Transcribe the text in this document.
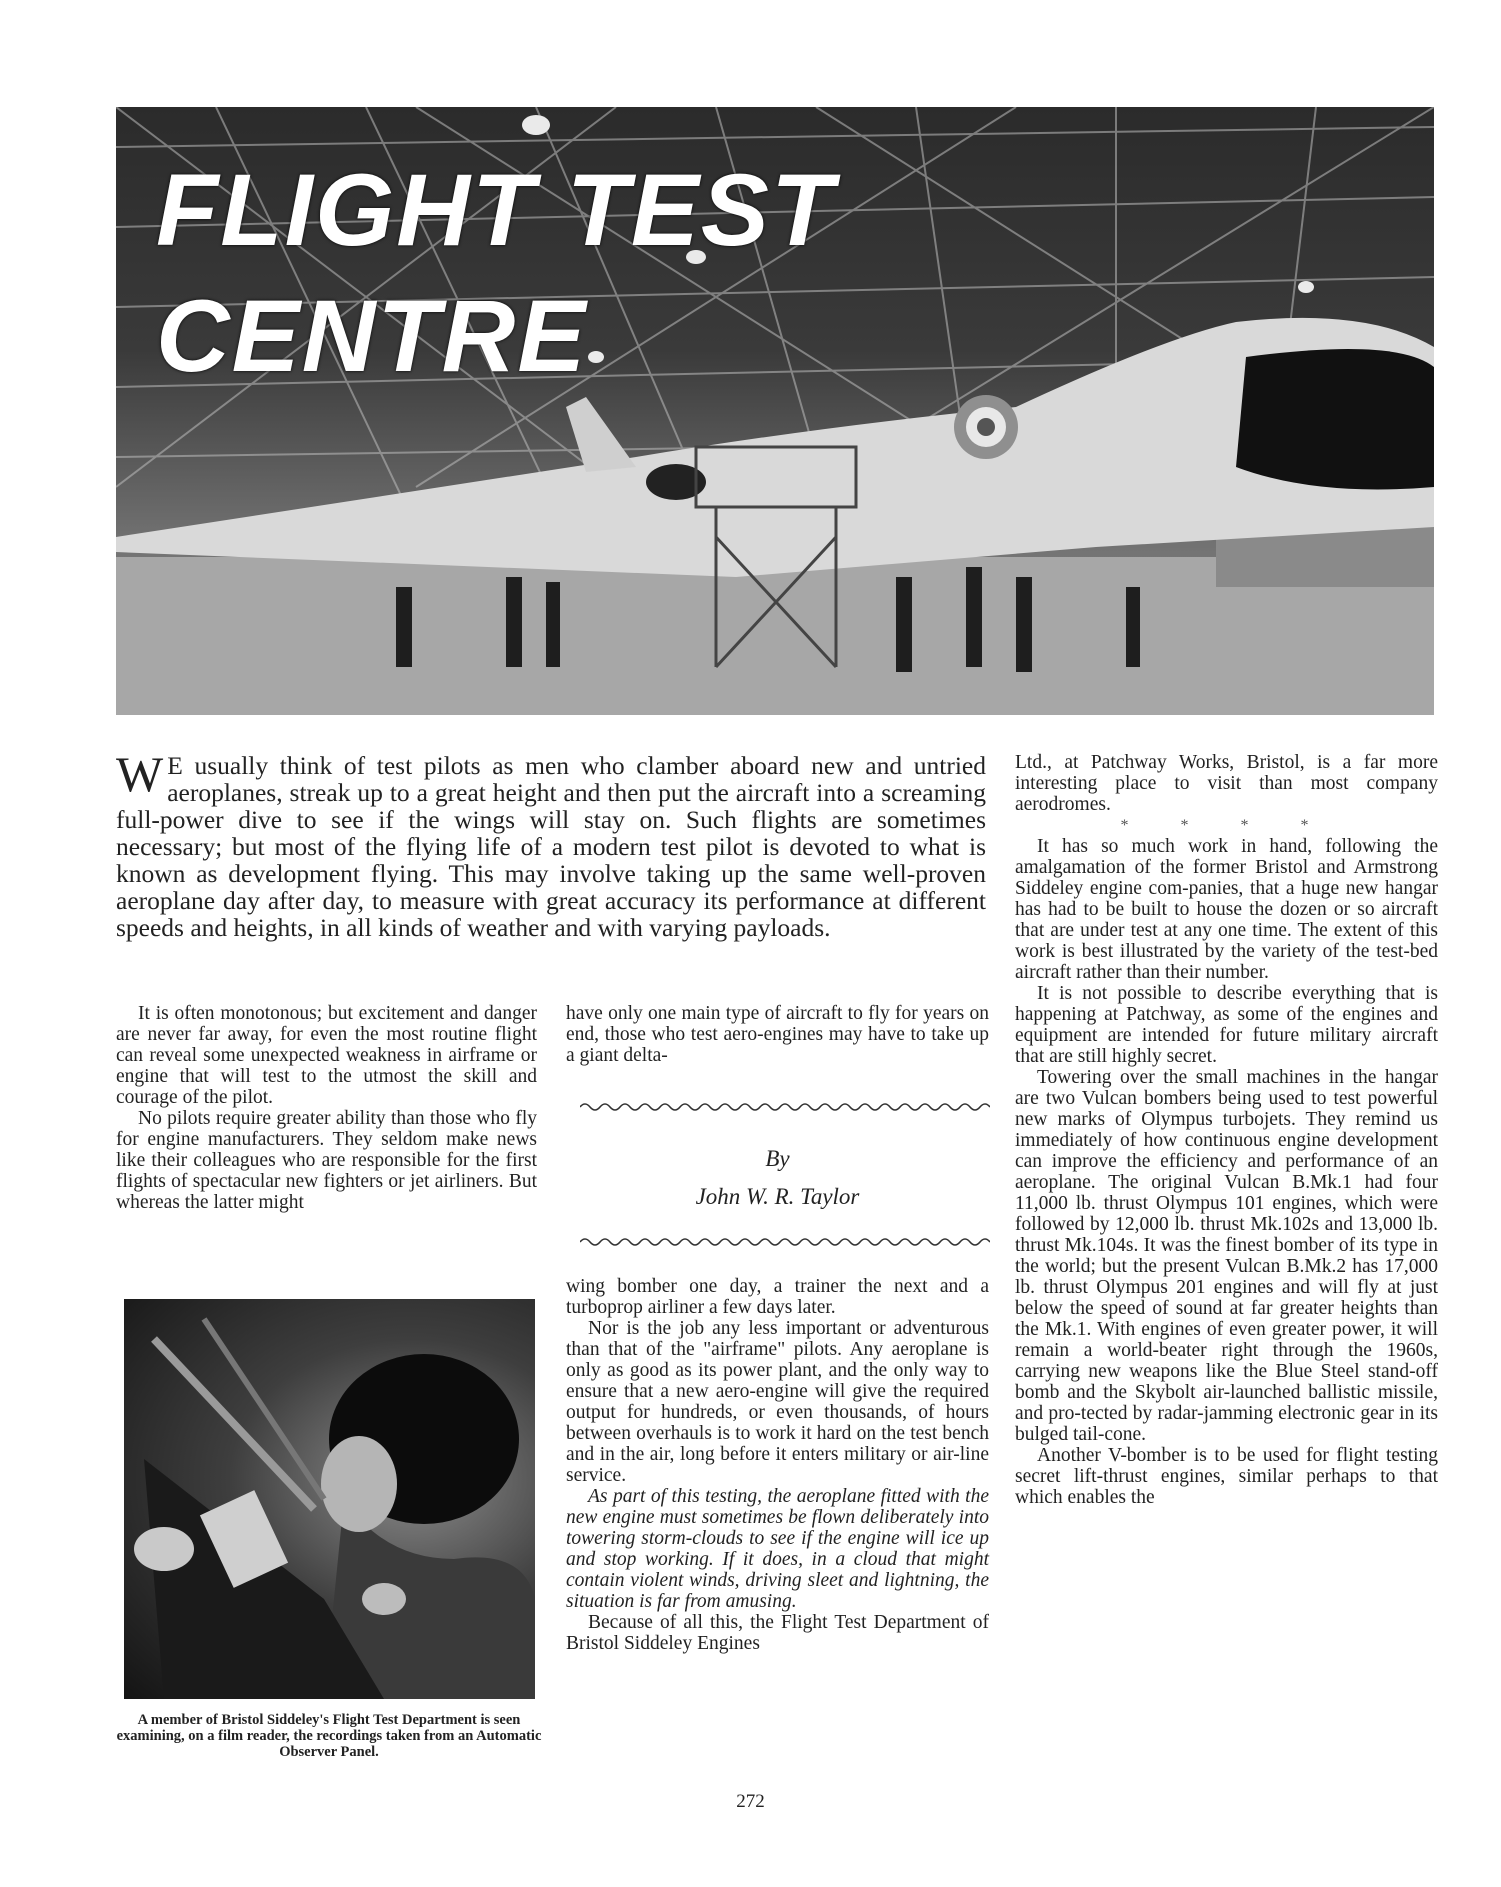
FLIGHT TEST
CENTRE
W E usually think of test pilots as men who clamber aboard new and untried aeroplanes, streak up to a great height and then put the aircraft into a screaming full-power dive to see if the wings will stay on. Such flights are sometimes necessary; but most of the flying life of a modern test pilot is devoted to what is known as development flying. This may involve taking up the same well-proven aeroplane day after day, to measure with great accuracy its performance at different speeds and heights, in all kinds of weather and with varying payloads.

It is often monotonous; but excitement and danger are never far away, for even the most routine flight can reveal some unexpected weakness in airframe or engine that will test to the utmost the skill and courage of the pilot.

No pilots require greater ability than those who fly for engine manufacturers. They seldom make news like their colleagues who are responsible for the first flights of spectacular new fighters or jet airliners. But whereas the latter might

have only one main type of aircraft to fly for years on end, those who test aero-engines may have to take up a giant delta-

By
John W. R. Taylor

wing bomber one day, a trainer the next and a turboprop airliner a few days later.

Nor is the job any less important or adventurous than that of the "airframe" pilots. Any aeroplane is only as good as its power plant, and the only way to ensure that a new aero-engine will give the required output for hundreds, or even thousands, of hours between overhauls is to work it hard on the test bench and in the air, long before it enters military or air-line service.

As part of this testing, the aeroplane fitted with the new engine must sometimes be flown deliberately into towering storm-clouds to see if the engine will ice up and stop working. If it does, in a cloud that might contain violent winds, driving sleet and lightning, the situation is far from amusing.

Because of all this, the Flight Test Department of Bristol Siddeley Engines

Ltd., at Patchway Works, Bristol, is a far more interesting place to visit than most company aerodromes.

* * * *

It has so much work in hand, following the amalgamation of the former Bristol and Armstrong Siddeley engine com-panies, that a huge new hangar has had to be built to house the dozen or so aircraft that are under test at any one time. The extent of this work is best illustrated by the variety of the test-bed aircraft rather than their number.

It is not possible to describe everything that is happening at Patchway, as some of the engines and equipment are intended for future military aircraft that are still highly secret.

Towering over the small machines in the hangar are two Vulcan bombers being used to test powerful new marks of Olympus turbojets. They remind us immediately of how continuous engine development can improve the efficiency and performance of an aeroplane. The original Vulcan B.Mk.1 had four 11,000 lb. thrust Olympus 101 engines, which were followed by 12,000 lb. thrust Mk.102s and 13,000 lb. thrust Mk.104s. It was the finest bomber of its type in the world; but the present Vulcan B.Mk.2 has 17,000 lb. thrust Olympus 201 engines and will fly at just below the speed of sound at far greater heights than the Mk.1. With engines of even greater power, it will remain a world-beater right through the 1960s, carrying new weapons like the Blue Steel stand-off bomb and the Skybolt air-launched ballistic missile, and pro-tected by radar-jamming electronic gear in its bulged tail-cone.

Another V-bomber is to be used for flight testing secret lift-thrust engines, similar perhaps to that which enables the

A member of Bristol Siddeley's Flight Test Department is seen examining, on a film reader, the recordings taken from an Automatic Observer Panel.
272
